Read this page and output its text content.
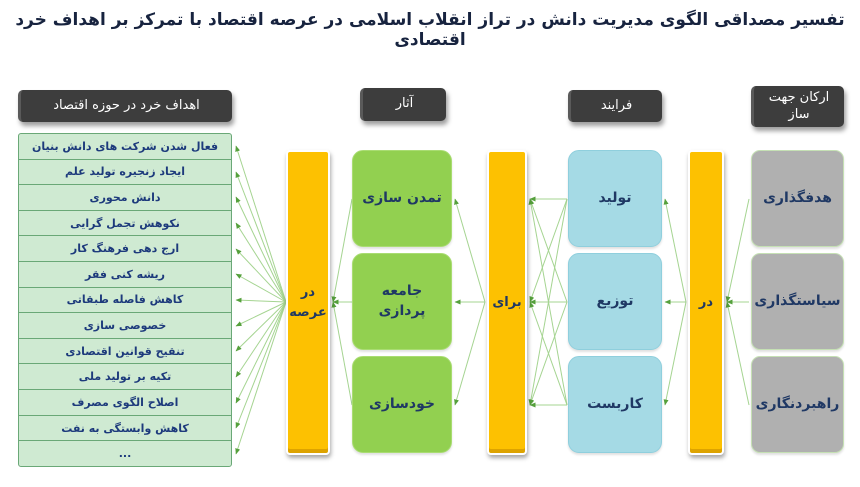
تفسیر مصداقی الگوی مدیریت دانش در تراز انقلاب اسلامی در عرصه اقتصاد با تمرکز بر اهداف خرد اقتصادی
اهداف خرد در حوزه اقتصاد	آثار	فرایند
ارکان جهت ساز
فعال شدن شرکت های دانش بنیان
ایجاد زنجیره تولید علم
دانش محوری
نکوهش تجمل گرایی
ارج دهی فرهنگ کار
ریشه کنی فقر
کاهش فاصله طبقاتی
خصوصی سازی
تنقیح قوانین اقتصادی
تکیه بر تولید ملی
اصلاح الگوی مصرف
کاهش وابستگی به نفت
...
در عرصه
برای	در
تمدن سازی
جامعه پردازی
خودسازی
تولید
توزیع
کاربست
هدفگذاری
سیاستگذاری
راهبردنگاری
